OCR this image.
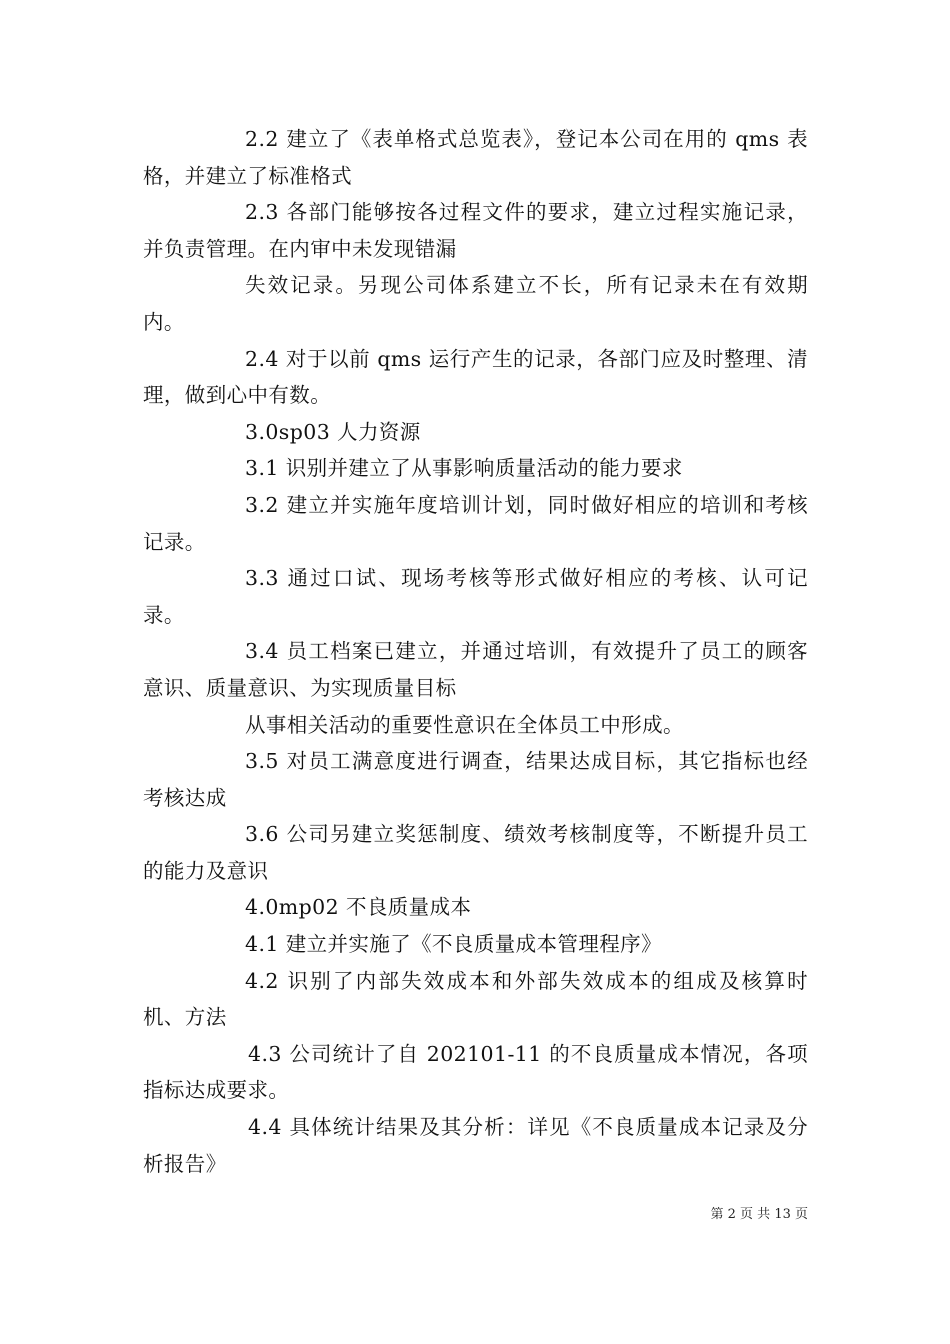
2.2 建立了《表单格式总览表》，登记本公司在用的 qms 表格，并建立了标准格式

2.3 各部门能够按各过程文件的要求，建立过程实施记录，并负责管理。在内审中未发现错漏

失效记录。另现公司体系建立不长，所有记录未在有效期内。

2.4 对于以前 qms 运行产生的记录，各部门应及时整理、清理，做到心中有数。

3.0sp03 人力资源

3.1 识别并建立了从事影响质量活动的能力要求

3.2 建立并实施年度培训计划，同时做好相应的培训和考核记录。

3.3 通过口试、现场考核等形式做好相应的考核、认可记录。

3.4 员工档案已建立，并通过培训，有效提升了员工的顾客意识、质量意识、为实现质量目标

从事相关活动的重要性意识在全体员工中形成。

3.5 对员工满意度进行调查，结果达成目标，其它指标也经考核达成

3.6 公司另建立奖惩制度、绩效考核制度等，不断提升员工的能力及意识

4.0mp02 不良质量成本

4.1 建立并实施了《不良质量成本管理程序》

4.2 识别了内部失效成本和外部失效成本的组成及核算时机、方法

4.3 公司统计了自 202101-11 的不良质量成本情况，各项指标达成要求。

4.4 具体统计结果及其分析：详见《不良质量成本记录及分析报告》

第 2 页 共 13 页
